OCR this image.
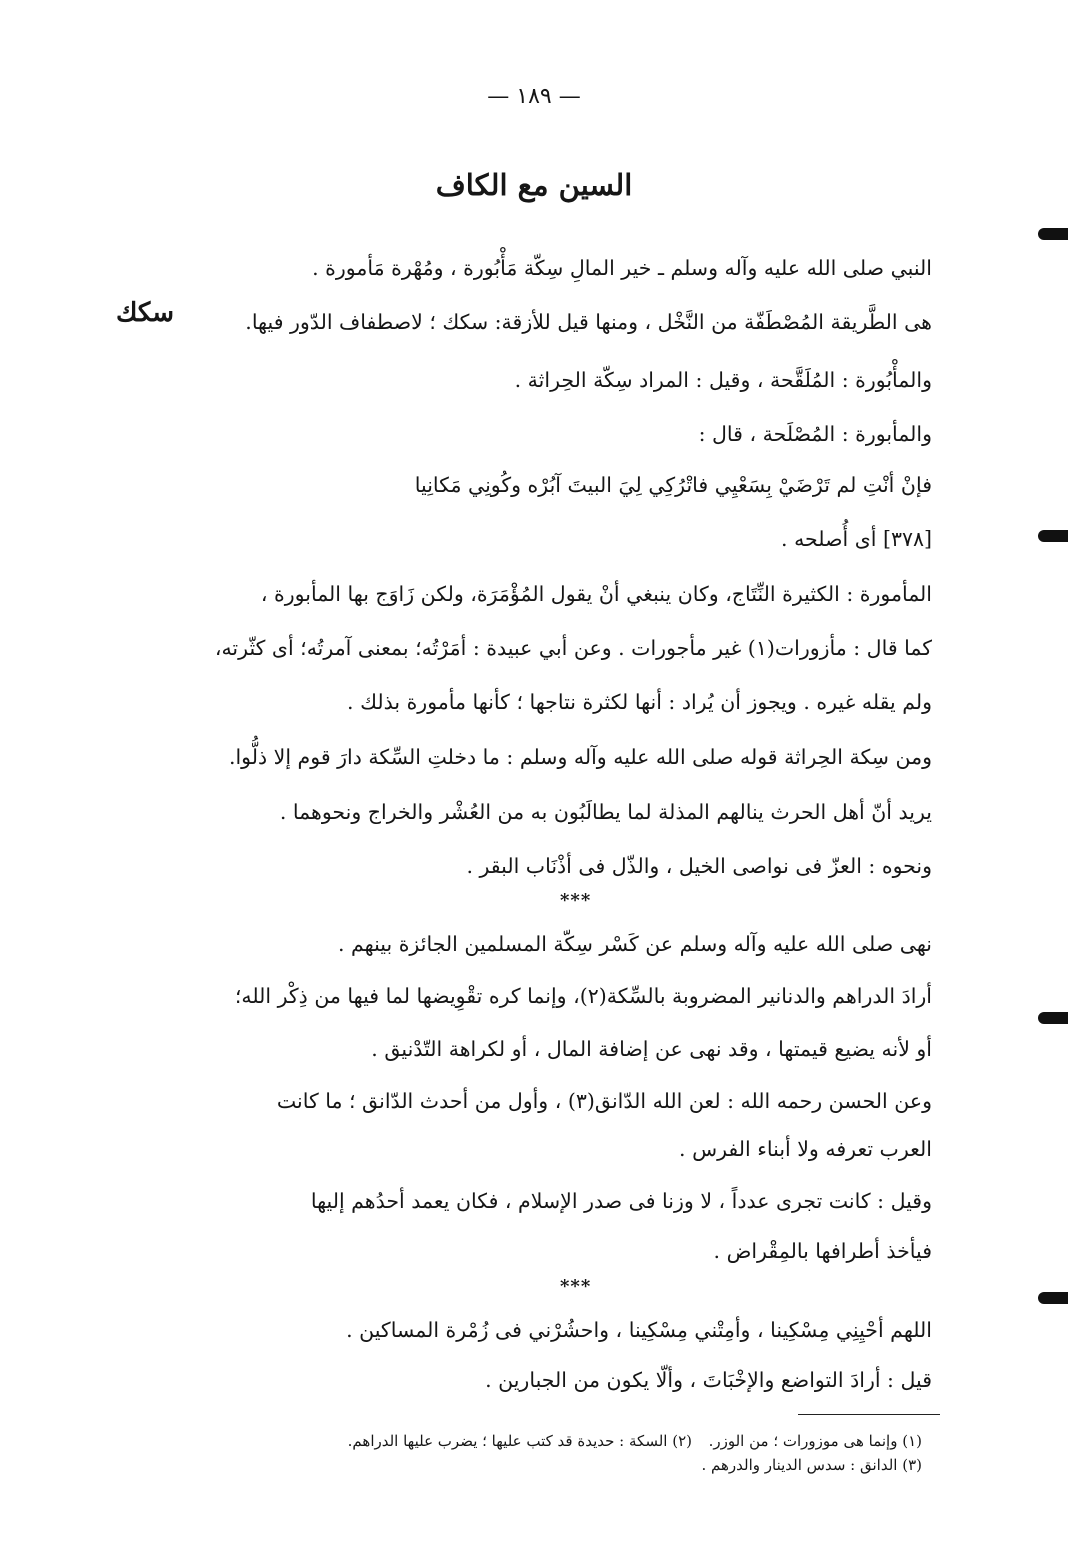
— ١٨٩ —
السين مع الكاف
سكك
النبي صلى الله عليه وآله وسلم ـ خير المالِ سِكّة مَأْبُورة ، ومُهْرة مَأمورة .
هى الطَّريقة المُصْطَفّة من النَّخْل ، ومنها قيل للأزقة: سكك ؛ لاصطفاف الدّور فيها.
والمأْبُورة : المُلَقَّحة ، وقيل : المراد سِكّة الحِراثة .
والمأبورة : المُصْلَحة ، قال :
فإنْ أنْتِ لم تَرْضَيْ بِسَعْيِي فاتْرُكِي لِيَ البيتَ آبُرْه وكُونِي مَكانِيا
[٣٧٨] أى أُصلحه .
المأمورة : الكثيرة النِّتَاج، وكان ينبغي أنْ يقول المُؤْمَرَة، ولكن زَاوَج بها المأبورة ،
كما قال : مأزورات(١) غير مأجورات . وعن أبي عبيدة : أمَرْتُه؛ بمعنى آمرتُه؛ أى كثّرته،
ولم يقله غيره . ويجوز أن يُراد : أنها لكثرة نتاجها ؛ كأنها مأمورة بذلك .
ومن سِكة الحِراثة قوله صلى الله عليه وآله وسلم : ما دخلتِ السِّكة دارَ قوم إلا ذلُّوا.
يريد أنّ أهل الحرث ينالهم المذلة لما يطالَبُون به من العُشْر والخراج ونحوهما .
ونحوه : العزّ فى نواصى الخيل ، والذّل فى أذْنَاب البقر .
***
نهى صلى الله عليه وآله وسلم عن كَسْر سِكّة المسلمين الجائزة بينهم .
أرادَ الدراهم والدنانير المضروبة بالسِّكة(٢)، وإنما كره تقْوِيضها لما فيها من ذِكْر الله؛
أو لأنه يضيع قيمتها ، وقد نهى عن إضافة المال ، أو لكراهة التّدْنيق .
وعن الحسن رحمه الله : لعن الله الدّانق(٣) ، وأول من أحدث الدّانق ؛ ما كانت
العرب تعرفه ولا أبناء الفرس .
وقيل : كانت تجرى عدداً ، لا وزنا فى صدر الإسلام ، فكان يعمد أحدُهم إليها
فيأخذ أطرافها بالمِقْراض .
***
اللهم أحْيِنِي مِسْكِينا ، وأمِتْني مِسْكِينا ، واحشُرْني فى زُمْرة المساكين .
قيل : أرادَ التواضع والإخْبَاتَ ، وألّا يكون من الجبارين .
(١) وإنما هى موزورات ؛ من الوزر.
(٢) السكة : حديدة قد كتب عليها ؛ يضرب عليها الدراهم.
(٣) الدانق : سدس الدينار والدرهم .
